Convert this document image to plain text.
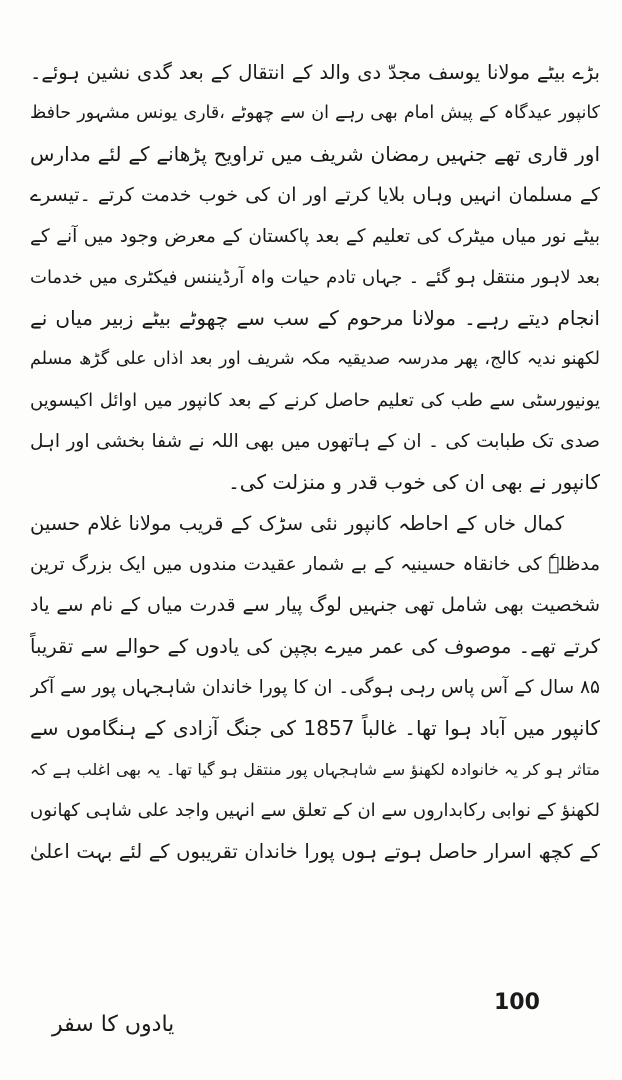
بڑے بیٹے مولانا یوسف مجدّ دی والد کے انتقال کے بعد گدی نشین ہوئے۔
کانپور عیدگاہ کے پیش امام بھی رہے ان سے چھوٹے ،قاری یونس مشہور حافظ
اور قاری تھے جنہیں رمضان شریف میں تراویح پڑھانے کے لئے مدارس
کے مسلمان انہیں وہاں بلایا کرتے اور ان کی خوب خدمت کرتے ۔تیسرے
بیٹے نور میاں میٹرک کی تعلیم کے بعد پاکستان کے معرض وجود میں آنے کے
بعد لاہور منتقل ہو گئے ۔ جہاں تادم حیات واہ آرڈیننس فیکٹری میں خدمات
انجام دیتے رہے۔ مولانا مرحوم کے سب سے چھوٹے بیٹے زبیر میاں نے
لکھنو ندیہ کالج، پھر مدرسہ صدیقیہ مکہ شریف اور بعد اذاں علی گڑھ مسلم
یونیورسٹی سے طب کی تعلیم حاصل کرنے کے بعد کانپور میں اوائل اکیسویں
صدی تک طبابت کی ۔ ان کے ہاتھوں میں بھی اللہ نے شفا بخشی اور اہل
کانپور نے بھی ان کی خوب قدر و منزلت کی۔
کمال خاں کے احاطہ کانپور نئی سڑک کے قریب مولانا غلام حسین
مدظلہٗ کی خانقاہ حسینیہ کے بے شمار عقیدت مندوں میں ایک بزرگ ترین
شخصیت بھی شامل تھی جنہیں لوگ پیار سے قدرت میاں کے نام سے یاد
کرتے تھے۔ موصوف کی عمر میرے بچپن کی یادوں کے حوالے سے تقریباً
۸۵ سال کے آس پاس رہی ہوگی۔ ان کا پورا خاندان شاہجہاں پور سے آکر
کانپور میں آباد ہوا تھا۔ غالباً 1857 کی جنگ آزادی کے ہنگاموں سے
متاثر ہو کر یہ خانوادہ لکھنؤ سے شاہجہاں پور منتقل ہو گیا تھا۔ یہ بھی اغلب ہے کہ
لکھنؤ کے نوابی رکابداروں سے ان کے تعلق سے انہیں واجد علی شاہی کھانوں
کے کچھ اسرار حاصل ہوتے ہوں پورا خاندان تقریبوں کے لئے بہت اعلیٰ
100
یادوں کا سفر
